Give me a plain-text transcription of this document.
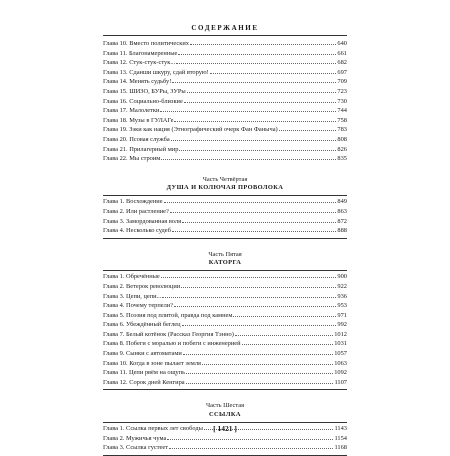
СОДЕРЖАНИЕ
Глава 10. Вместо политических	640
Глава 11. Благонамеренные	661
Глава 12. Стук-стук-стук...	682
Глава 13. Сданши шкуру, сдай вторую!	697
Глава 14. Менять судьбу!	709
Глава 15. ШИЗО, БУРы, ЗУРы	723
Глава 16. Социально-близкие	730
Глава 17. Малолетки	744
Глава 18. Музы в ГУЛАГе	758
Глава 19. Зэки как нация (Этнографический очерк Фан Фаныча)	783
Глава 20. Псовая служба	808
Глава 21. Прилагерный мир	826
Глава 22. Мы строим	835
Часть Четвёртая
ДУША И КОЛЮЧАЯ ПРОВОЛОКА
Глава 1. Восхождение	849
Глава 2. Или растление?	863
Глава 3. Замордованная воля	872
Глава 4. Несколько судеб	888
Часть Пятая
КАТОРГА
Глава 1. Обречённые	900
Глава 2. Ветерок революции	922
Глава 3. Цепи, цепи...	936
Глава 4. Почему терпели?	953
Глава 5. Поэзия под плитой, правда под камнем	971
Глава 6. Убеждённый беглец	992
Глава 7. Белый котёнок (Рассказ Георгия Тэнно)	1012
Глава 8. Побеги с моралью и побеги с инженерией	1031
Глава 9. Сынки с автоматами	1057
Глава 10. Когда в зоне пылает земля	1063
Глава 11. Цепи рвём на ощупь	1092
Глава 12. Сорок дней Кенгира	1107
Часть Шестая
ССЫЛКА
Глава 1. Ссылка первых лет свободы	1143
Глава 2. Мужичья чума	1154
Глава 3. Ссылка густеет	1168
[ 1421 ]
